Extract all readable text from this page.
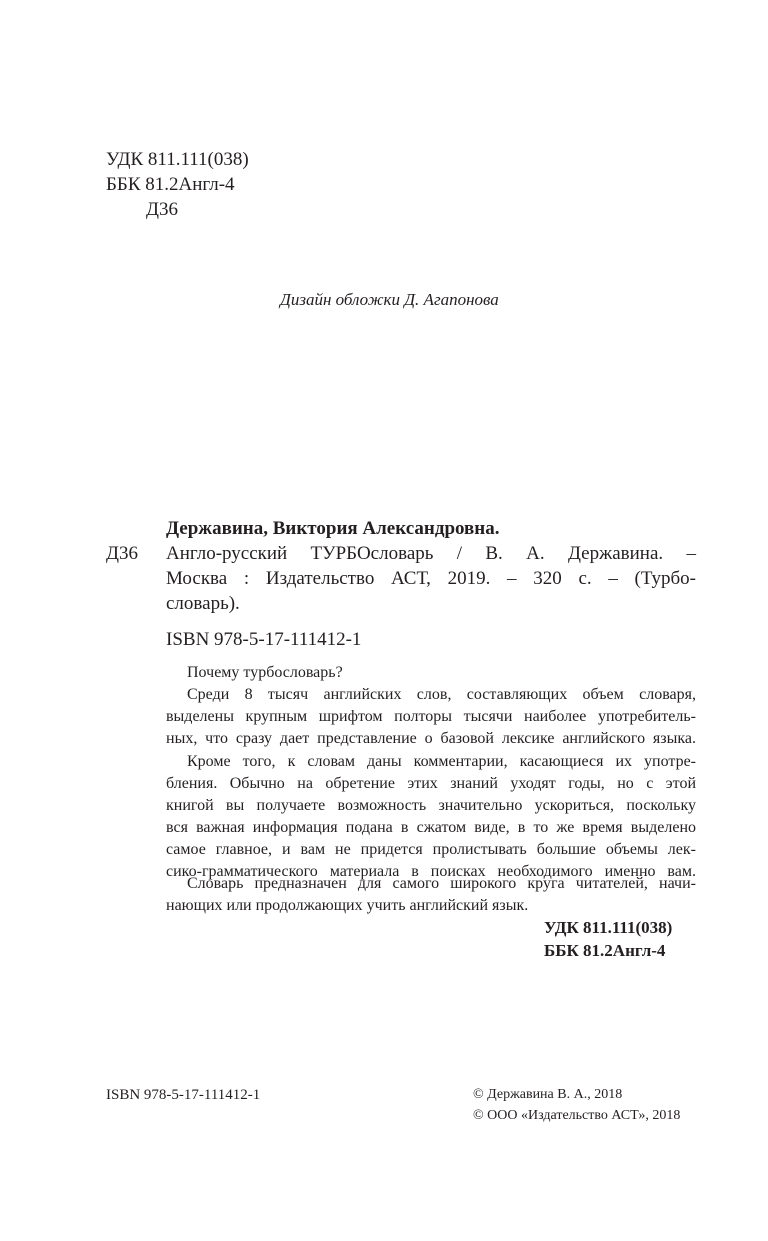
УДК 811.111(038)
ББК 81.2Англ-4
Д36
Дизайн обложки Д. Агапонова
Державина, Виктория Александровна.
Д36 Англо-русский ТУРБОсловарь / В. А. Державина. –
Москва : Издательство АСТ, 2019. – 320 с. – (Турбо-
словарь).
ISBN 978-5-17-111412-1
Почему турбословарь?
Среди 8 тысяч английских слов, составляющих объем словаря,
выделены крупным шрифтом полторы тысячи наиболее употребитель-
ных, что сразу дает представление о базовой лексике английского языка.
Кроме того, к словам даны комментарии, касающиеся их употре-
бления. Обычно на обретение этих знаний уходят годы, но с этой
книгой вы получаете возможность значительно ускориться, поскольку
вся важная информация подана в сжатом виде, в то же время выделено
самое главное, и вам не придется пролистывать большие объемы лек-
сико-грамматического материала в поисках необходимого именно вам.
Словарь предназначен для самого широкого круга читателей, начи-
нающих или продолжающих учить английский язык.
УДК 811.111(038)
ББК 81.2Англ-4
ISBN 978-5-17-111412-1	© Державина В. А., 2018
© ООО «Издательство АСТ», 2018
